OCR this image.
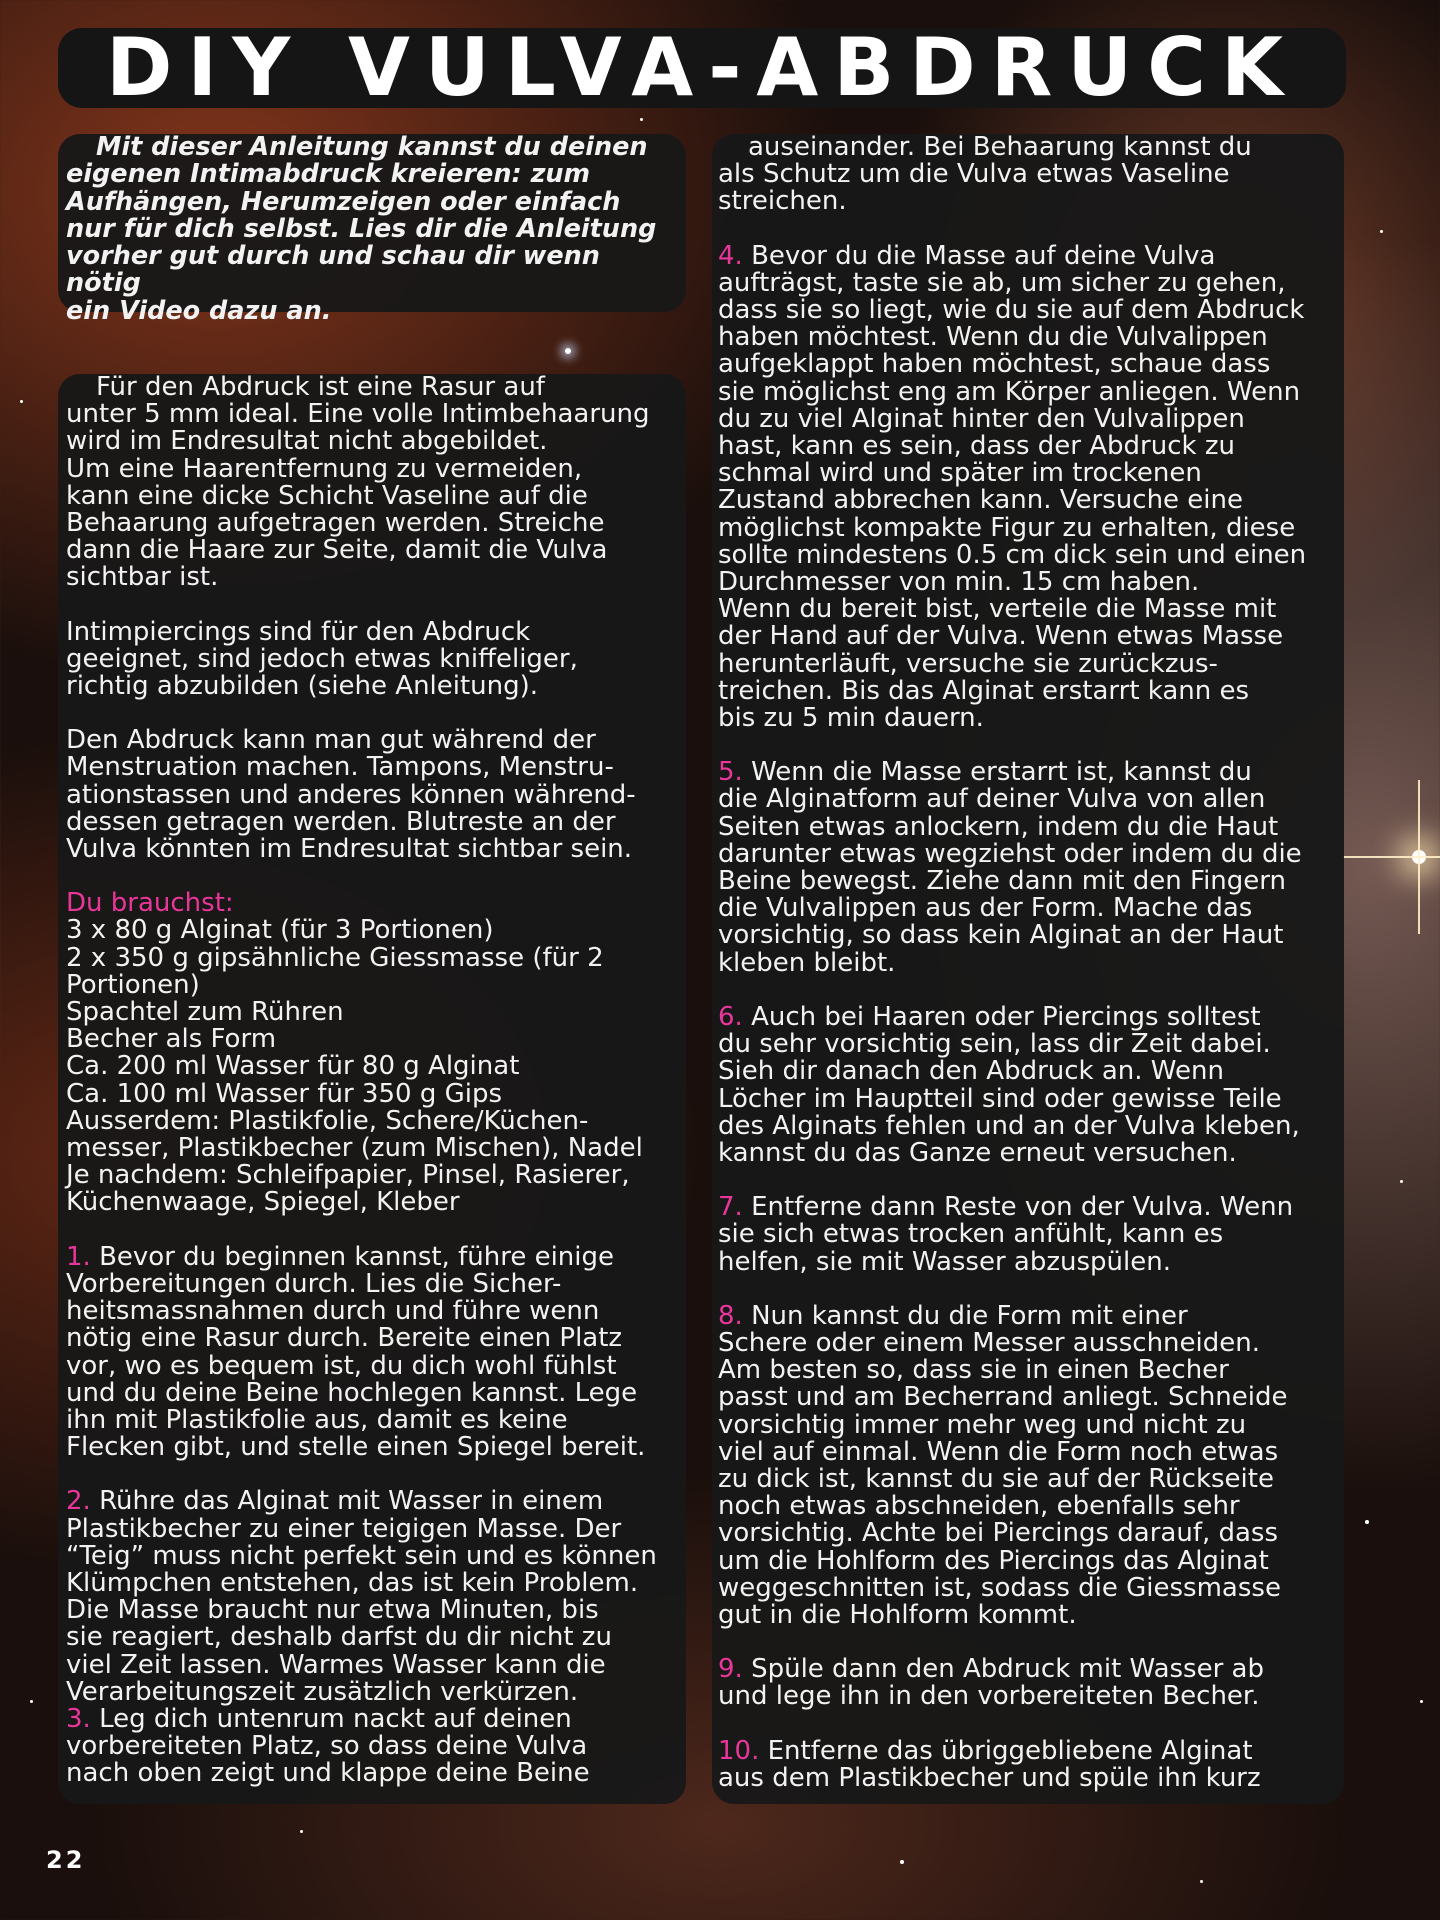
DIY VULVA-ABDRUCK

Mit dieser Anleitung kannst du deinen

eigenen Intimabdruck kreieren: zum

Aufhängen, Herumzeigen oder einfach

nur für dich selbst. Lies dir die Anleitung

vorher gut durch und schau dir wenn nötig

ein Video dazu an.

Für den Abdruck ist eine Rasur auf

unter 5 mm ideal. Eine volle Intimbehaarung

wird im Endresultat nicht abgebildet.

Um eine Haarentfernung zu vermeiden,

kann eine dicke Schicht Vaseline auf die

Behaarung aufgetragen werden. Streiche

dann die Haare zur Seite, damit die Vulva

sichtbar ist.

Intimpiercings sind für den Abdruck

geeignet, sind jedoch etwas kniffeliger,

richtig abzubilden (siehe Anleitung).

Den Abdruck kann man gut während der

Menstruation machen. Tampons, Menstru-

ationstassen und anderes können während-

dessen getragen werden. Blutreste an der

Vulva könnten im Endresultat sichtbar sein.

Du brauchst:

3 x 80 g Alginat (für 3 Portionen)

2 x 350 g gipsähnliche Giessmasse (für 2

Portionen)

Spachtel zum Rühren

Becher als Form

Ca. 200 ml Wasser für 80 g Alginat

Ca. 100 ml Wasser für 350 g Gips

Ausserdem: Plastikfolie, Schere/Küchen-

messer, Plastikbecher (zum Mischen), Nadel

Je nachdem: Schleifpapier, Pinsel, Rasierer,

Küchenwaage, Spiegel, Kleber

1. Bevor du beginnen kannst, führe einige

Vorbereitungen durch. Lies die Sicher-

heitsmassnahmen durch und führe wenn

nötig eine Rasur durch. Bereite einen Platz

vor, wo es bequem ist, du dich wohl fühlst

und du deine Beine hochlegen kannst. Lege

ihn mit Plastikfolie aus, damit es keine

Flecken gibt, und stelle einen Spiegel bereit.

2. Rühre das Alginat mit Wasser in einem

Plastikbecher zu einer teigigen Masse. Der

“Teig” muss nicht perfekt sein und es können

Klümpchen entstehen, das ist kein Problem.

Die Masse braucht nur etwa Minuten, bis

sie reagiert, deshalb darfst du dir nicht zu

viel Zeit lassen. Warmes Wasser kann die

Verarbeitungszeit zusätzlich verkürzen.

3. Leg dich untenrum nackt auf deinen

vorbereiteten Platz, so dass deine Vulva

nach oben zeigt und klappe deine Beine

auseinander. Bei Behaarung kannst du

als Schutz um die Vulva etwas Vaseline

streichen.

4. Bevor du die Masse auf deine Vulva

aufträgst, taste sie ab, um sicher zu gehen,

dass sie so liegt, wie du sie auf dem Abdruck

haben möchtest. Wenn du die Vulvalippen

aufgeklappt haben möchtest, schaue dass

sie möglichst eng am Körper anliegen. Wenn

du zu viel Alginat hinter den Vulvalippen

hast, kann es sein, dass der Abdruck zu

schmal wird und später im trockenen

Zustand abbrechen kann. Versuche eine

möglichst kompakte Figur zu erhalten, diese

sollte mindestens 0.5 cm dick sein und einen

Durchmesser von min. 15 cm haben.

Wenn du bereit bist, verteile die Masse mit

der Hand auf der Vulva. Wenn etwas Masse

herunterläuft, versuche sie zurückzus-

treichen. Bis das Alginat erstarrt kann es

bis zu 5 min dauern.

5. Wenn die Masse erstarrt ist, kannst du

die Alginatform auf deiner Vulva von allen

Seiten etwas anlockern, indem du die Haut

darunter etwas wegziehst oder indem du die

Beine bewegst. Ziehe dann mit den Fingern

die Vulvalippen aus der Form. Mache das

vorsichtig, so dass kein Alginat an der Haut

kleben bleibt.

6. Auch bei Haaren oder Piercings solltest

du sehr vorsichtig sein, lass dir Zeit dabei.

Sieh dir danach den Abdruck an. Wenn

Löcher im Hauptteil sind oder gewisse Teile

des Alginats fehlen und an der Vulva kleben,

kannst du das Ganze erneut versuchen.

7. Entferne dann Reste von der Vulva. Wenn

sie sich etwas trocken anfühlt, kann es

helfen, sie mit Wasser abzuspülen.

8. Nun kannst du die Form mit einer

Schere oder einem Messer ausschneiden.

Am besten so, dass sie in einen Becher

passt und am Becherrand anliegt. Schneide

vorsichtig immer mehr weg und nicht zu

viel auf einmal. Wenn die Form noch etwas

zu dick ist, kannst du sie auf der Rückseite

noch etwas abschneiden, ebenfalls sehr

vorsichtig. Achte bei Piercings darauf, dass

um die Hohlform des Piercings das Alginat

weggeschnitten ist, sodass die Giessmasse

gut in die Hohlform kommt.

9. Spüle dann den Abdruck mit Wasser ab

und lege ihn in den vorbereiteten Becher.

10. Entferne das übriggebliebene Alginat

aus dem Plastikbecher und spüle ihn kurz

22
